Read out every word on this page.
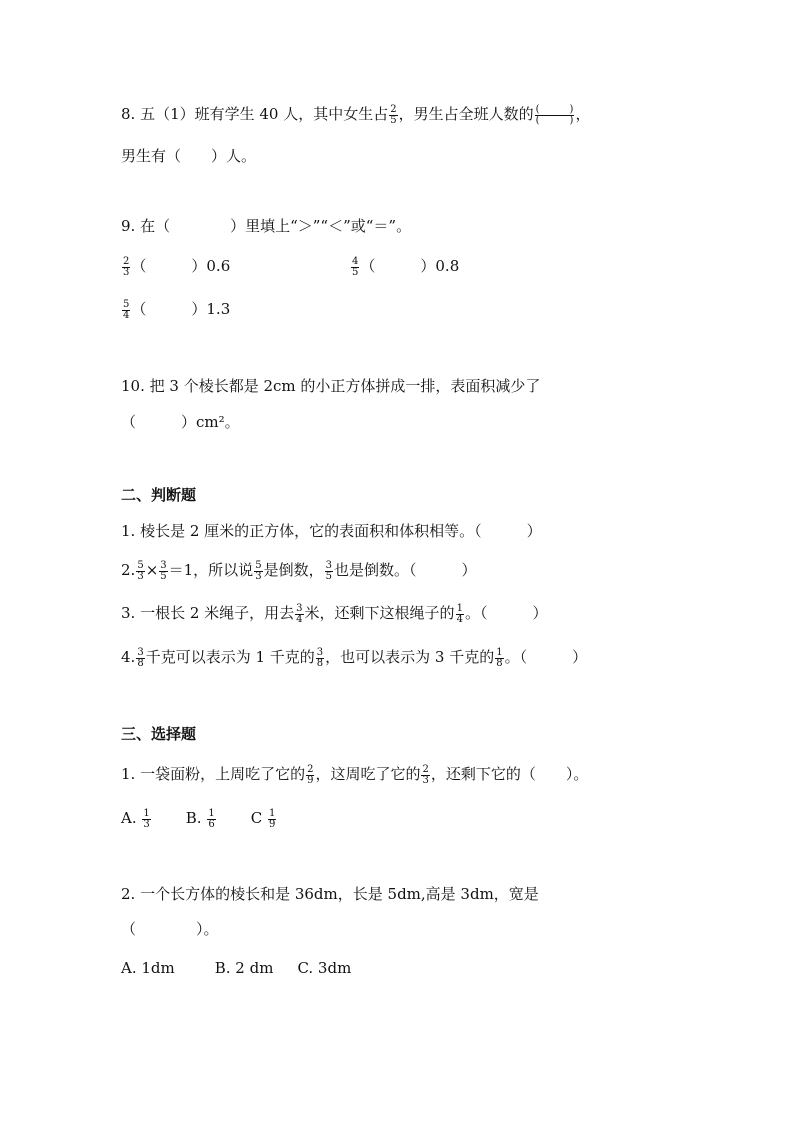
8. 五（1）班有学生 40 人，其中女生占 $\frac{2}{5}$ ，男生占全班人数的 $\frac{( )}{( )}$ ，
男生有（　　）人。
9. 在（　　　　）里填上“＞”“＜”或“＝”。
$\frac{2}{3}$ （　　　）0.6	$\frac{4}{5}$ （　　　）0.8
$\frac{5}{4}$ （　　　）1.3
10. 把 3 个棱长都是 2cm 的小正方体拼成一排，表面积减少了
（　　　）cm²。
二、判断题
1. 棱长是 2 厘米的正方体，它的表面积和体积相等。（　　　）
2. $\frac{5}{3} \times \frac{3}{5} =1$，所以说 $\frac{5}{3}$ 是倒数， $\frac{3}{5}$ 也是倒数。（　　　）
3. 一根长 2 米绳子，用去 $\frac{3}{4}$ 米，还剩下这根绳子的 $\frac{1}{4}$ 。（　　　）
4. $\frac{3}{8}$ 千克可以表示为 1 千克的 $\frac{3}{8}$ ，也可以表示为 3 千克的 $\frac{1}{8}$ 。（　　　）
三、选择题
1. 一袋面粉，上周吃了它的 $\frac{2}{9}$ ，这周吃了它的 $\frac{2}{3}$ ，还剩下它的（　　）。
A. $\frac{1}{3} B$. $\frac{1}{6}$ C $\frac{1}{9}$
2. 一个长方体的棱长和是 36dm，长是 5dm,高是 3dm，宽是
（　　　　）。
A. 1dm	B. 2 dm C. 3dm
